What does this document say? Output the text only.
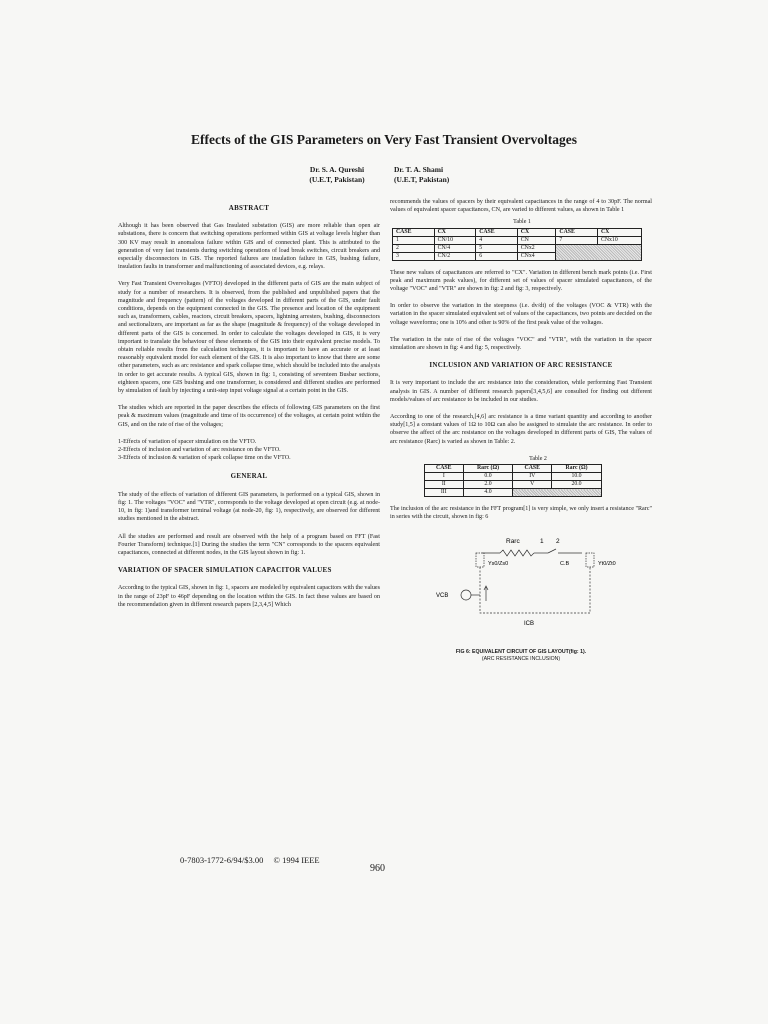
Effects of the GIS Parameters on Very Fast Transient Overvoltages
Dr. S. A. Qureshi
(U.E.T, Pakistan)
Dr. T. A. Shami
(U.E.T, Pakistan)
ABSTRACT

Although it has been observed that Gas Insulated substation (GIS) are more reliable than open air substations, there is concern that switching operations performed within GIS at voltage levels higher than 300 KV may result in anomalous failure within GIS and of connected plant. This is attributed to the generation of very fast transients during switching operations of load break switches, circuit breakers and especially disconnectors in GIS. The reported failures are insulation failure in GIS, bushing failure, insulation faults in transformer and malfunctioning of associated devices, e.g. relays.

Very Fast Transient Overvoltages (VFTO) developed in the different parts of GIS are the main subject of study for a number of researchers. It is observed, from the published and unpublished papers that the magnitude and frequency (pattern) of the voltages developed in different parts of the GIS, under fault conditions, depends on the equipment connected in the GIS. The presence and location of the equipment such as, transformers, cables, reactors, circuit breakers, spacers, lightning arresters, bushing, disconnectors and sectionalizers, are important as far as the shape (magnitude & frequency) of the voltage developed in different parts of the GIS is concerned. In order to calculate the voltages developed in GIS, it is very important to translate the behaviour of these elements of the GIS into their equivalent precise models. To obtain reliable results from the calculation techniques, it is important to have an accurate or at least reasonably equivalent model for each element of the GIS. It is also important to know that there are some other parameters, such as arc resistance and spark collapse time, which should be included into the analysis in order to get accurate results. A typical GIS, shown in fig: 1, consisting of seventeen Busbar sections, eighteen spacers, one GIS bushing and one transformer, is considered and different studies are performed by simulation of fault by injecting a unit-step input voltage signal at a certain point in the GIS.

The studies which are reported in the paper describes the effects of following GIS parameters on the first peak & maximum values (magnitude and time of its occurrence) of the voltages, at certain point within the GIS, and on the rate of rise of the voltages;

1-Effects of variation of spacer simulation on the VFTO.

2-Effects of inclusion and variation of arc resistance on the VFTO.

3-Effects of inclusion & variation of spark collapse time on the VFTO.

GENERAL

The study of the effects of variation of different GIS parameters, is performed on a typical GIS, shown in fig: 1. The voltages "VOC" and "VTR", corresponds to the voltage developed at open circuit (e.g. at node-10, in fig: 1)and transformer terminal voltage (at node-20, fig: 1), respectively, are observed for different studies mentioned in the abstract.

All the studies are performed and result are observed with the help of a program based on FFT (Fast Fourier Transform) technique.[1] During the studies the term "CN" corresponds to the spacers equivalent capacitances, connected at different nodes, in the GIS layout shown in fig: 1.

VARIATION OF SPACER SIMULATION CAPACITOR VALUES

According to the typical GIS, shown in fig: 1, spacers are modeled by equivalent capacitors with the values in the range of 23pF to 46pF depending on the location within the GIS. In fact these values are based on the recommendation given in different research papers [2,3,4,5] Which

recommends the values of spacers by their equivalent capacitances in the range of 4 to 30pF. The normal values of equivalent spacer capacitances, CN, are varied to different values, as shown in Table 1

Table 1
CASE	CX	CASE	CX	CASE	CX
1	CN/10	4	CN	7	CNx10
2	CN/4	5	CNx2		
3	CN/2	6	CNx4		

These new values of capacitances are referred to "CX". Variation in different bench mark points (i.e. First peak and maximum peak values), for different set of values of spacer simulated capacitances, of the voltage "VOC" and "VTR" are shown in fig: 2 and fig: 3, respectively.

In order to observe the variation in the steepness (i.e. dv/dt) of the voltages (VOC & VTR) with the variation in the spacer simulated equivalent set of values of the capacitances, two points are decided on the voltage waveforms; one is 10% and other is 90% of the first peak value of the voltages.

The variation in the rate of rise of the voltages "VOC" and "VTR", with the variation in the spacer simulation are shown in fig: 4 and fig: 5, respectively.

INCLUSION AND VARIATION OF ARC RESISTANCE

It is very important to include the arc resistance into the consideration, while performing Fast Transient analysis in GIS. A number of different research papers[3,4,5,6] are consulted for finding out different models/values of arc resistance to be included in our studies.

According to one of the research,[4,6] arc resistance is a time variant quantity and according to another study[1,5] a constant values of 1Ω to 10Ω can also be assigned to simulate the arc resistance. In order to observe the affect of the arc resistance on the voltages developed in different parts of GIS, The values of arc resistance (Rarc) is varied as shown in Table: 2.

Table 2
CASE	Rarc (Ω)	CASE	Rarc (Ω)
I	0.0	IV	10.0
II	2.0	V	20.0
III	4.0		

The inclusion of the arc resistance in the FFT program[1] is very simple, we only insert a resistance "Rarc" in series with the circuit, shown in fig: 6

Rarc	1 2
Ys0/Zs0	C.B	Yt0/Zt0
VCB
ICB
FIG 6: EQUIVALENT CIRCUIT OF GIS LAYOUT(fig: 1).
(ARC RESISTANCE INCLUSION)
0-7803-1772-6/94/$3.00 © 1994 IEEE
960
